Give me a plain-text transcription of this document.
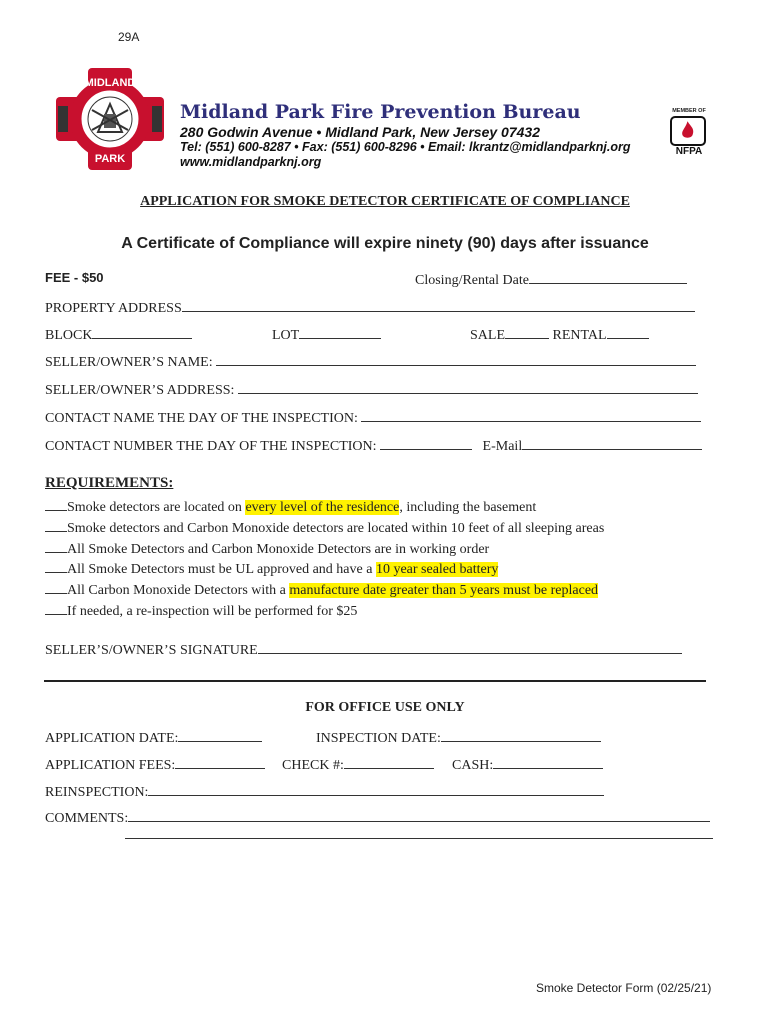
29A
MIDLAND
PARK
Midland Park Fire Prevention Bureau
280 Godwin Avenue • Midland Park, New Jersey 07432
Tel: (551) 600-8287 • Fax: (551) 600-8296 • Email: lkrantz@midlandparknj.org
www.midlandparknj.org
MEMBER OF
NFPA
APPLICATION FOR SMOKE DETECTOR CERTIFICATE OF COMPLIANCE
A Certificate of Compliance will expire ninety (90) days after issuance
FEE - $50	Closing/Rental Date
PROPERTY ADDRESS
BLOCK	LOT	SALE	RENTAL
SELLER/OWNER’S NAME:
SELLER/OWNER’S ADDRESS:
CONTACT NAME THE DAY OF THE INSPECTION:
CONTACT NUMBER THE DAY OF THE INSPECTION:	E-Mail
REQUIREMENTS:
Smoke detectors are located on every level of the residence, including the basement
Smoke detectors and Carbon Monoxide detectors are located within 10 feet of all sleeping areas
All Smoke Detectors and Carbon Monoxide Detectors are in working order
All Smoke Detectors must be UL approved and have a 10 year sealed battery
All Carbon Monoxide Detectors with a manufacture date greater than 5 years must be replaced
If needed, a re-inspection will be performed for $25
SELLER’S/OWNER’S SIGNATURE
FOR OFFICE USE ONLY
APPLICATION DATE:	INSPECTION DATE:
APPLICATION FEES:	CHECK #:	CASH:
REINSPECTION:
COMMENTS:
Smoke Detector Form (02/25/21)
